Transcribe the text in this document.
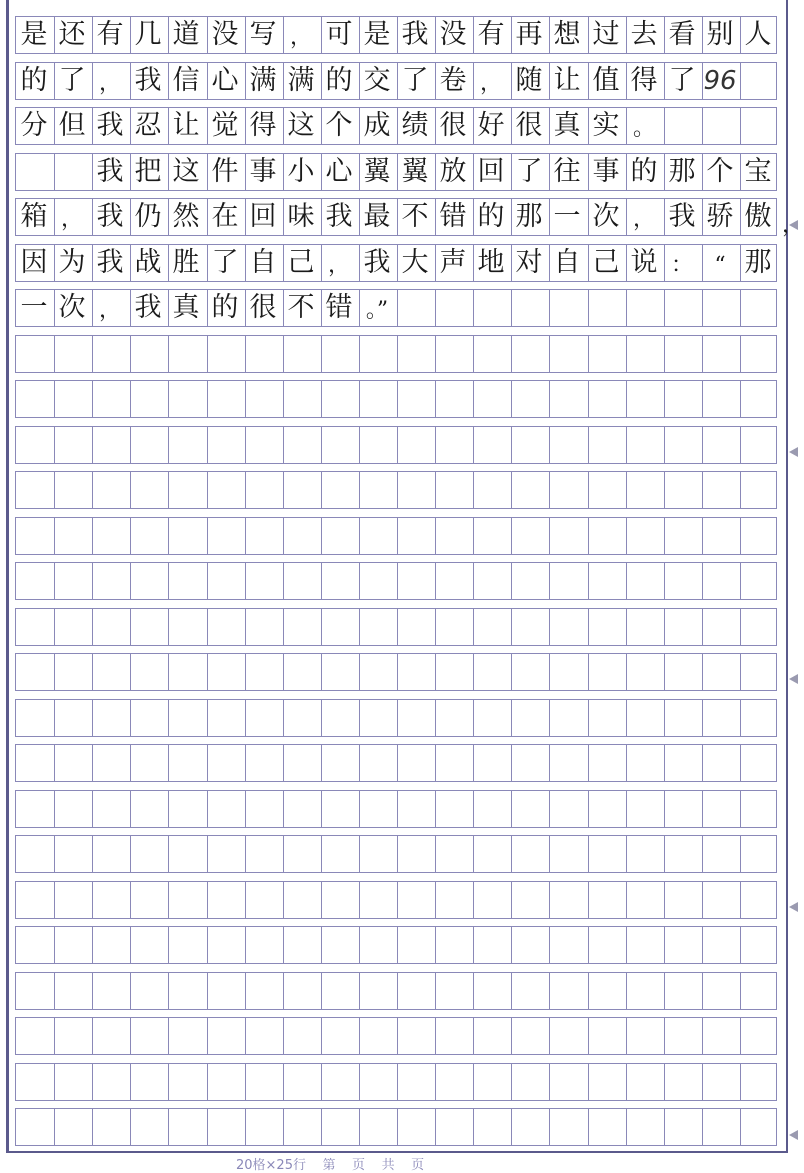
是 还 有 几 道 没 写 ， 可 是 我 没 有 再 想 过 去 看 别 人
的 了 ， 我 信 心 满 满 的 交 了 卷 ， 随 让 值 得 了 96
分 但 我 忍 让 觉 得 这 个 成 绩 很 好 很 真 实 。
我 把 这 件 事 小 心 翼 翼 放 回 了 往 事 的 那 个 宝
箱 ， 我 仍 然 在 回 味 我 最 不 错 的 那 一 次 ， 我 骄 傲
因 为 我 战 胜 了 自 己 ， 我 大 声 地 对 自 己 说 ： “ 那
一 次 ， 我 真 的 很 不 错 。”
，
20格×25行    第    页    共    页
